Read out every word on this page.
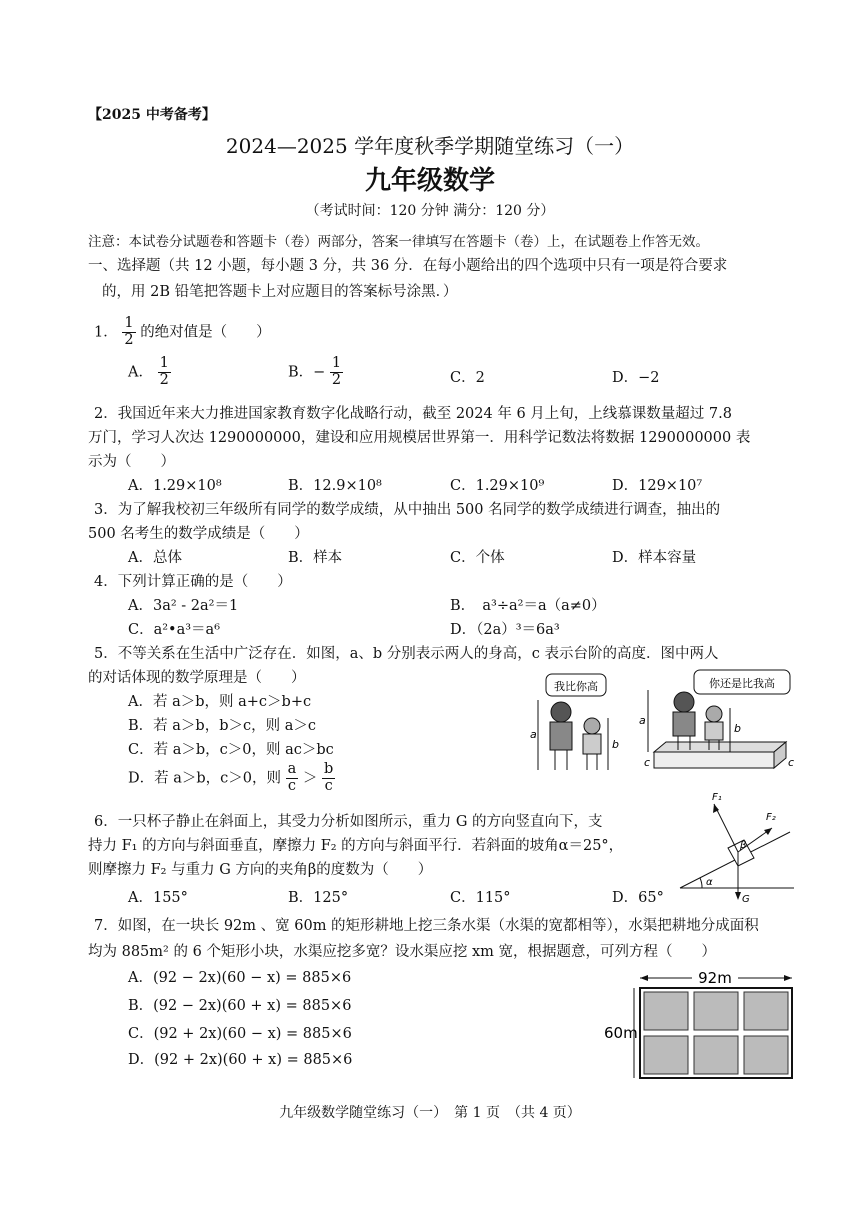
【2025 中考备考】
2024—2025 学年度秋季学期随堂练习（一）
九年级数学
（考试时间：120 分钟 满分：120 分）
注意：本试卷分试题卷和答题卡（卷）两部分，答案一律填写在答题卡（卷）上，在试题卷上作答无效。
一、选择题（共 12 小题，每小题 3 分，共 36 分．在每小题给出的四个选项中只有一项是符合要求
的，用 2B 铅笔把答题卡上对应题目的答案标号涂黑．）
1． $\frac{1}{2}$ 的绝对值是（　　）
A． $\frac{1}{2}$	B．− $\frac{1}{2}$	C．2	D．−2
2．我国近年来大力推进国家教育数字化战略行动，截至 2024 年 6 月上旬，上线慕课数量超过 7.8
万门，学习人次达 1290000000，建设和应用规模居世界第一．用科学记数法将数据 1290000000 表
示为（　　）
A．1.29×10⁸	B．12.9×10⁸	C．1.29×10⁹	D．129×10⁷
3．为了解我校初三年级所有同学的数学成绩，从中抽出 500 名同学的数学成绩进行调查，抽出的
500 名考生的数学成绩是（　　）
A．总体	B．样本	C．个体	D．样本容量
4．下列计算正确的是（　　）
A．3a² - 2a²＝1	B．　a³÷a²＝a（a≠0）
C．a²•a³＝a⁶	D．（2a）³＝6a³
5．不等关系在生活中广泛存在．如图，a、b 分别表示两人的身高，c 表示台阶的高度．图中两人
的对话体现的数学原理是（　　）
A．若 a＞b，则 a+c＞b+c
B．若 a＞b，b＞c，则 a＞c
C．若 a＞b，c＞0，则 ac＞bc
D．若 a＞b，c＞0，则 $\frac{a}{c} > \frac{b}{c}$
我比你高	你还是比我高
a
b
a
b
c	c
6．一只杯子静止在斜面上，其受力分析如图所示，重力 G 的方向竖直向下，支
持力 F₁ 的方向与斜面垂直，摩擦力 F₂ 的方向与斜面平行．若斜面的坡角α＝25°，
则摩擦力 F₂ 与重力 G 方向的夹角β的度数为（　　）
A．155°	B．125°	C．115°	D．65°
α
F₁
F₂
G
β
7．如图，在一块长 92m 、宽 60m 的矩形耕地上挖三条水渠（水渠的宽都相等），水渠把耕地分成面积
均为 885m² 的 6 个矩形小块，水渠应挖多宽？设水渠应挖 xm 宽，根据题意，可列方程（　　）
A．(92 − 2x)(60 − x) = 885×6
B．(92 − 2x)(60 + x) = 885×6
C．(92 + 2x)(60 − x) = 885×6
D．(92 + 2x)(60 + x) = 885×6
92m
60m
九年级数学随堂练习（一）　第 1 页　（共 4 页）
